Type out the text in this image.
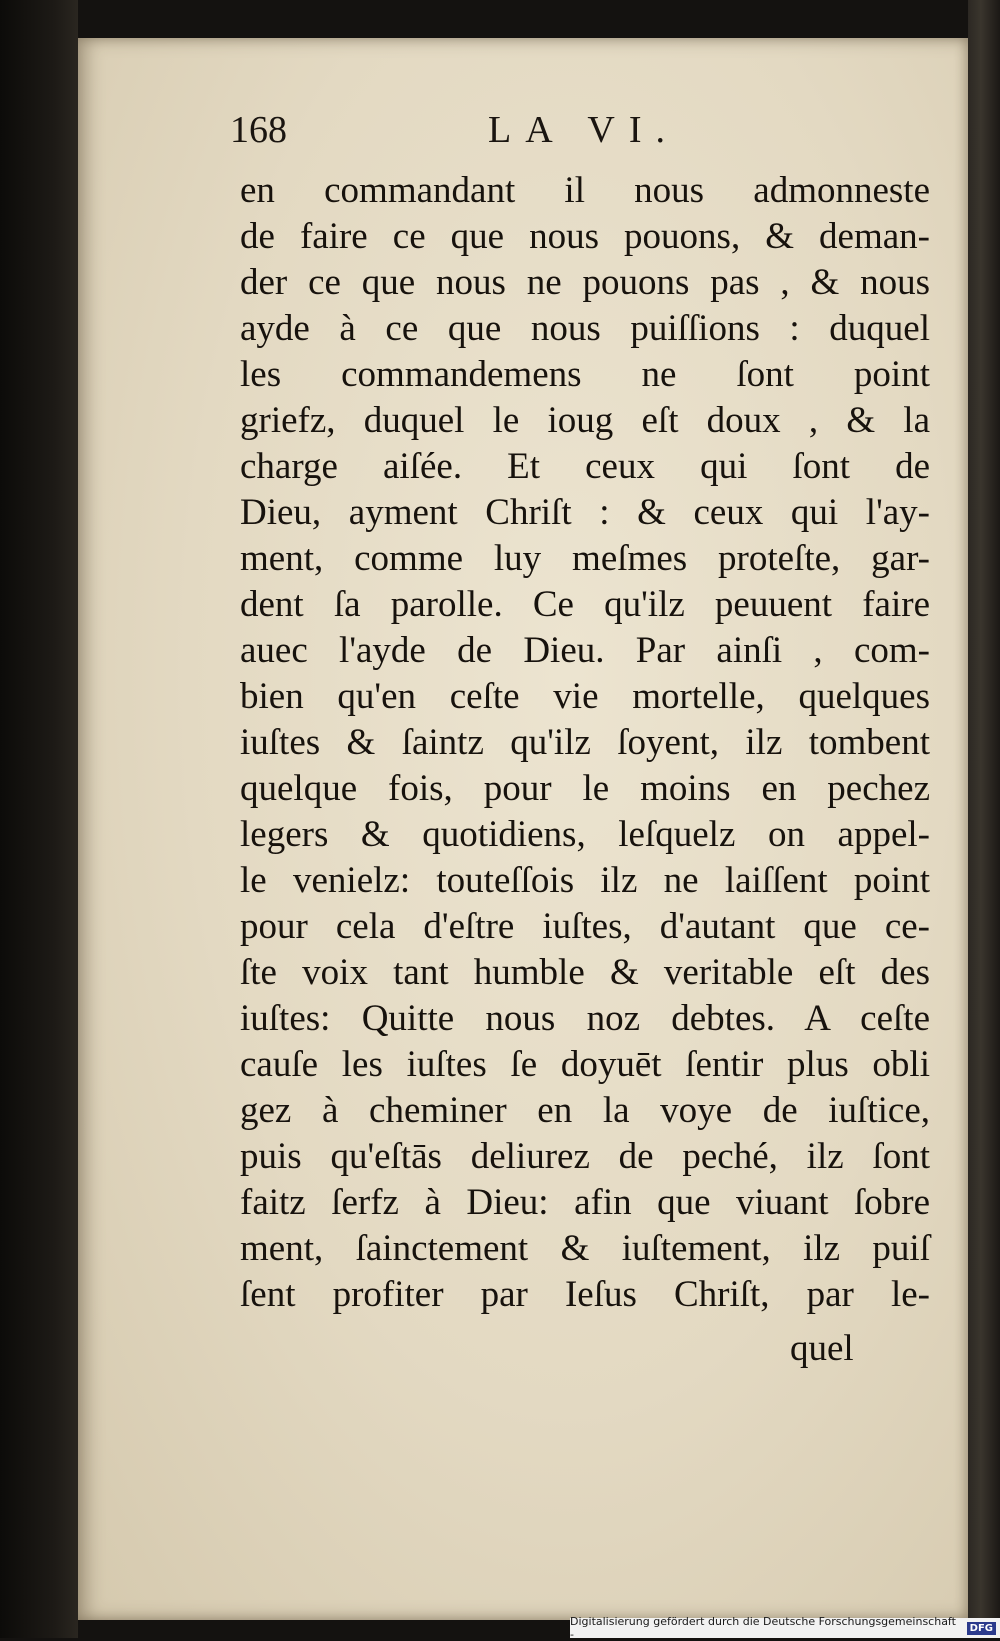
168	LA VI.
en commandant il nous admonneste
de faire ce que nous pouons, & deman-
der ce que nous ne pouons pas , & nous
ayde à ce que nous puiſſions : duquel
les commandemens ne ſont point
griefz, duquel le ioug eſt doux , & la
charge aiſée. Et ceux qui ſont de
Dieu, ayment Chriſt : & ceux qui l'ay-
ment, comme luy meſmes proteſte, gar-
dent ſa parolle. Ce qu'ilz peuuent faire
auec l'ayde de Dieu. Par ainſi , com-
bien qu'en ceſte vie mortelle, quelques
iuſtes & ſaintz qu'ilz ſoyent, ilz tombent
quelque fois, pour le moins en pechez
legers & quotidiens, leſquelz on appel-
le venielz: touteſſois ilz ne laiſſent point
pour cela d'eſtre iuſtes, d'autant que ce-
ſte voix tant humble & veritable eſt des
iuſtes: Quitte nous noz debtes. A ceſte
cauſe les iuſtes ſe doyuēt ſentir plus obli
gez à cheminer en la voye de iuſtice,
puis qu'eſtās deliurez de peché, ilz ſont
faitz ſerfz à Dieu: afin que viuant ſobre
ment, ſainctement & iuſtement, ilz puiſ
ſent profiter par Ieſus Chriſt, par le-
quel
Digitalisierung gefördert durch die Deutsche Forschungsgemeinschaft -	DFG
